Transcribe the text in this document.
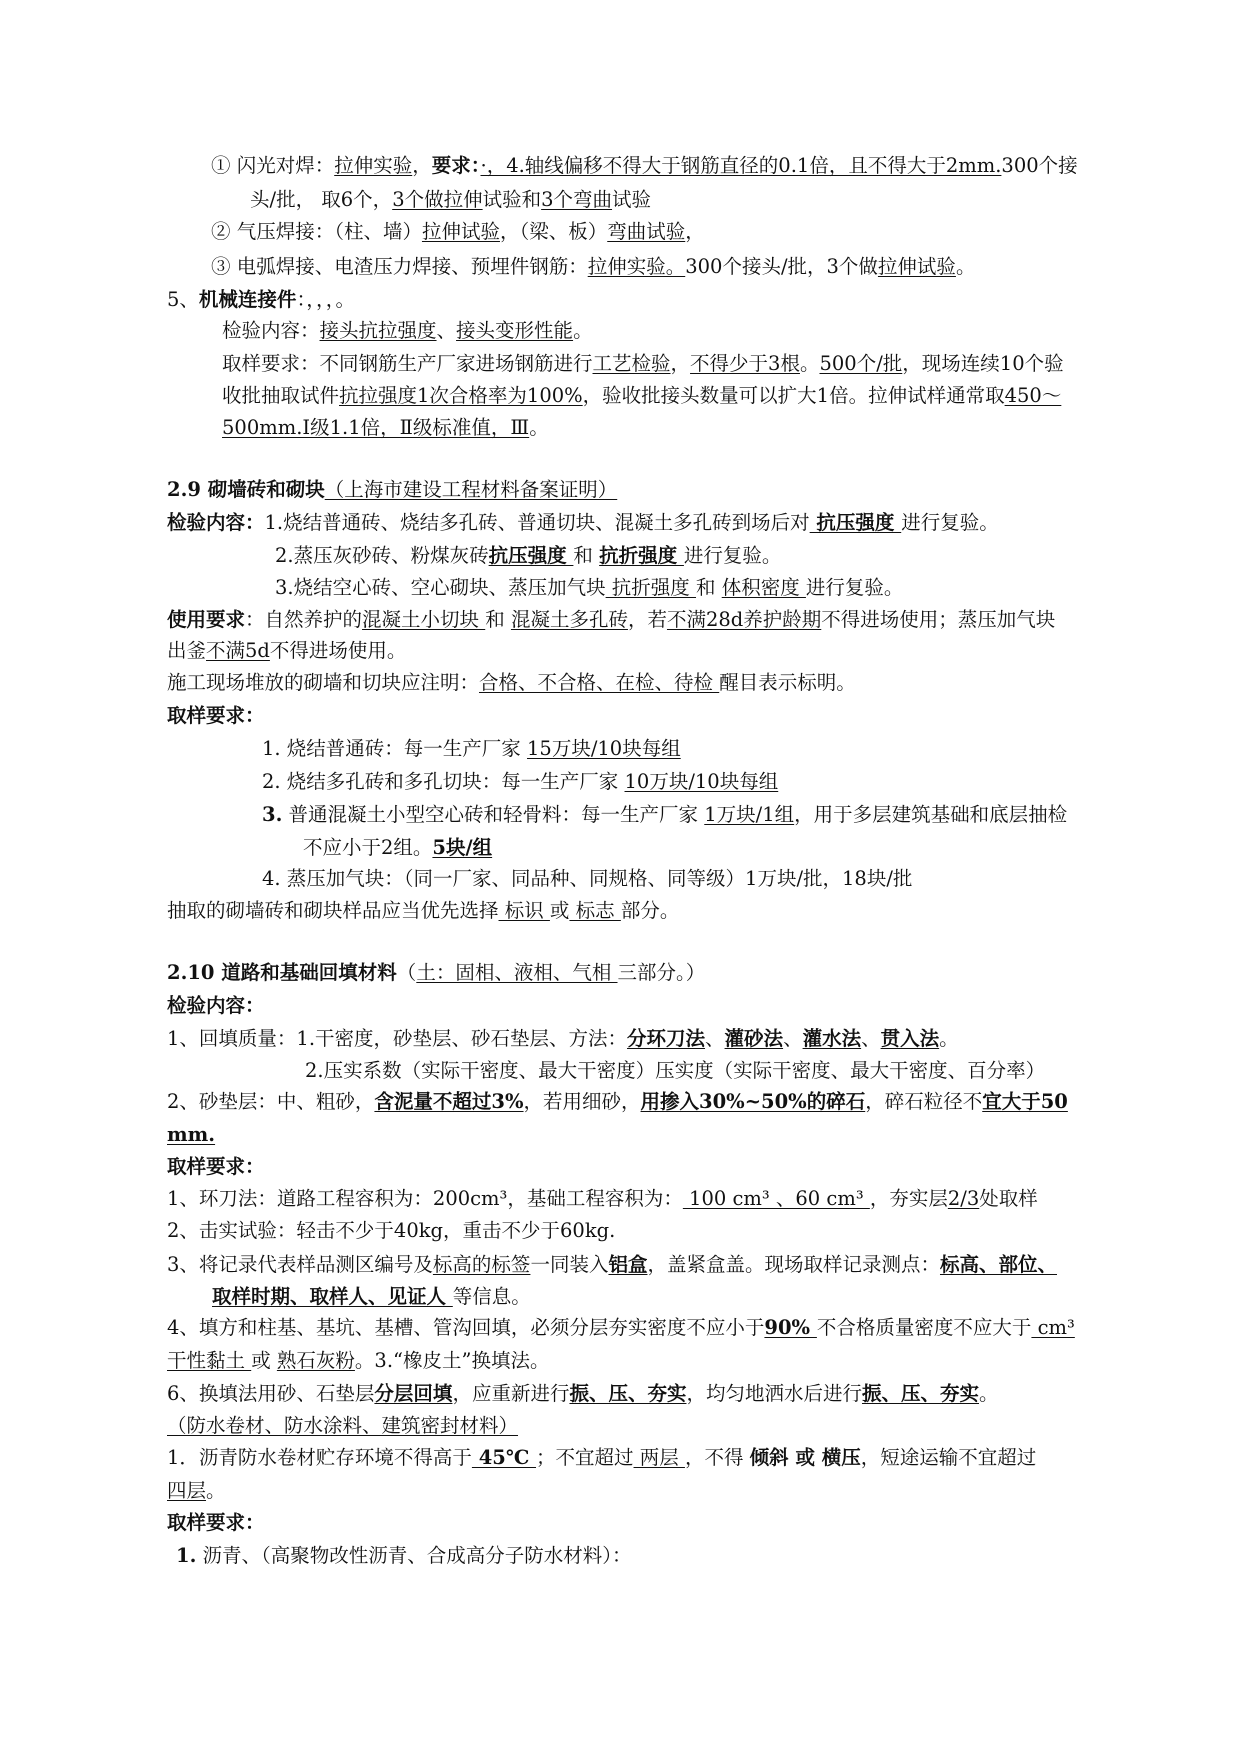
① 闪光对焊：拉伸实验，要求：·，4.轴线偏移不得大于钢筋直径的0.1倍，且不得大于2mm.300个接
头/批， 取6个，3个做拉伸试验和3个弯曲试验
② 气压焊接：（柱、墙）拉伸试验，（梁、板）弯曲试验，
③ 电弧焊接、电渣压力焊接、预埋件钢筋：拉伸实验。300个接头/批，3个做拉伸试验。
5、机械连接件：，，，。
检验内容：接头抗拉强度、接头变形性能。
取样要求：不同钢筋生产厂家进场钢筋进行工艺检验，不得少于3根。500个/批，现场连续10个验
收批抽取试件抗拉强度1次合格率为100%，验收批接头数量可以扩大1倍。拉伸试样通常取450～
500mm.Ⅰ级1.1倍，Ⅱ级标准值，Ⅲ。
2.9 砌墙砖和砌块（上海市建设工程材料备案证明）
检验内容：1.烧结普通砖、烧结多孔砖、普通切块、混凝土多孔砖到场后对 抗压强度 进行复验。
2.蒸压灰砂砖、粉煤灰砖抗压强度 和 抗折强度 进行复验。
3.烧结空心砖、空心砌块、蒸压加气块 抗折强度 和 体积密度 进行复验。
使用要求：自然养护的混凝土小切块 和 混凝土多孔砖，若不满28d养护龄期不得进场使用；蒸压加气块
出釜不满5d不得进场使用。
施工现场堆放的砌墙和切块应注明：合格、不合格、在检、待检 醒目表示标明。
取样要求：
1. 烧结普通砖：每一生产厂家 15万块/10块每组
2. 烧结多孔砖和多孔切块：每一生产厂家 10万块/10块每组
3. 普通混凝土小型空心砖和轻骨料：每一生产厂家 1万块/1组，用于多层建筑基础和底层抽检
不应小于2组。5块/组
4. 蒸压加气块：（同一厂家、同品种、同规格、同等级）1万块/批，18块/批
抽取的砌墙砖和砌块样品应当优先选择 标识 或 标志 部分。
2.10 道路和基础回填材料（土：固相、液相、气相 三部分。）
检验内容：
1、回填质量：1.干密度，砂垫层、砂石垫层、方法：分环刀法、灌砂法、灌水法、贯入法。
2.压实系数（实际干密度、最大干密度）压实度（实际干密度、最大干密度、百分率）
2、砂垫层：中、粗砂，含泥量不超过3%，若用细砂，用掺入30%~50%的碎石，碎石粒径不宜大于50
mm.
取样要求：
1、环刀法：道路工程容积为：200cm³，基础工程容积为： 100 cm³ 、60 cm³ ，夯实层2/3处取样
2、击实试验：轻击不少于40kg，重击不少于60kg.
3、将记录代表样品测区编号及标高的标签一同装入铝盒，盖紧盒盖。现场取样记录测点：标高、部位、
取样时期、取样人、见证人 等信息。
4、填方和柱基、基坑、基槽、管沟回填，必须分层夯实密度不应小于90% 不合格质量密度不应大于 cm³
干性黏土 或 熟石灰粉。3.“橡皮土”换填法。
6、换填法用砂、石垫层分层回填，应重新进行振、压、夯实，均匀地洒水后进行振、压、夯实。
（防水卷材、防水涂料、建筑密封材料）
1．沥青防水卷材贮存环境不得高于 45℃ ；不宜超过 两层 ，不得 倾斜 或 横压，短途运输不宜超过
四层。
取样要求：
1. 沥青、（高聚物改性沥青、合成高分子防水材料）：
